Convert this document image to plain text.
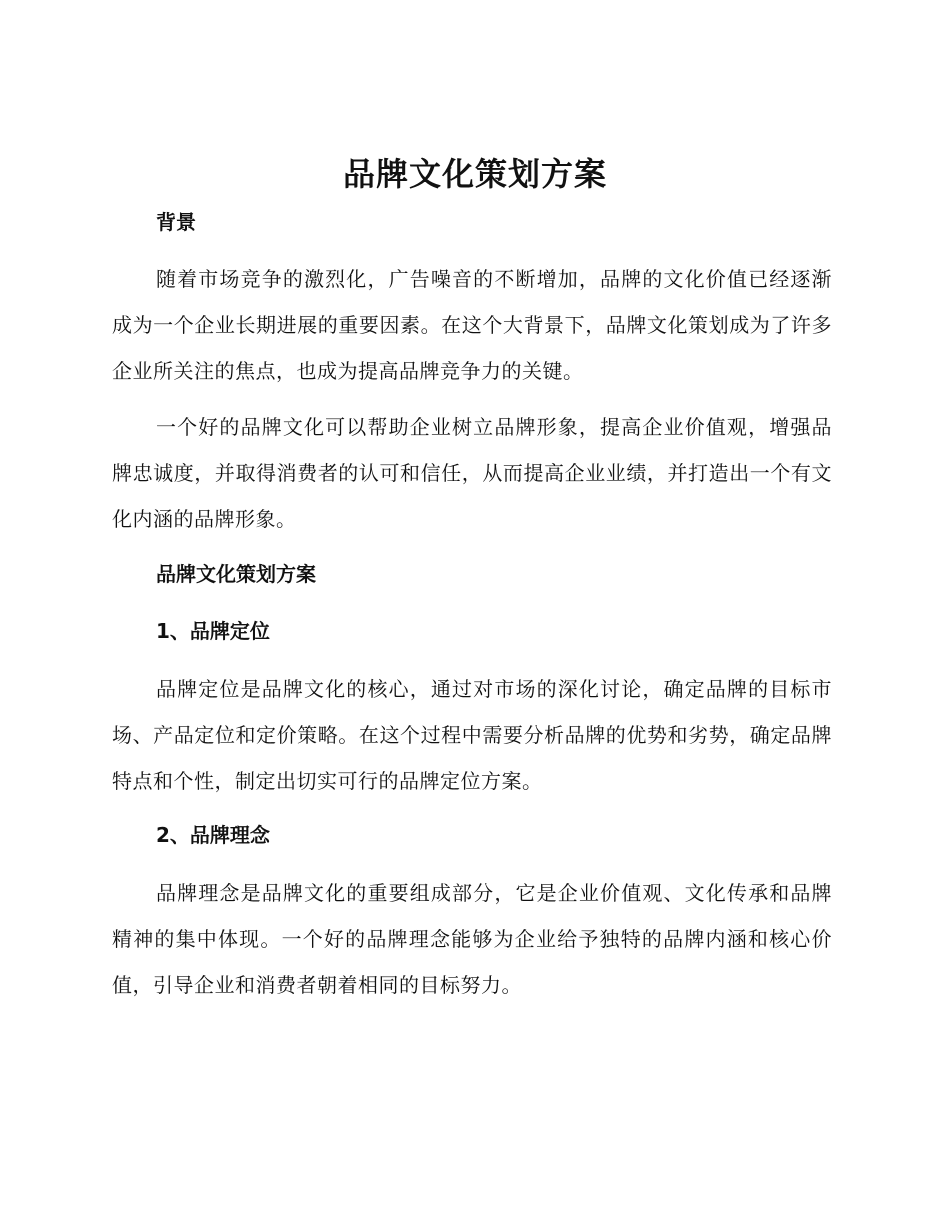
品牌文化策划方案
背景

随着市场竞争的激烈化，广告噪音的不断增加，品牌的文化价值已经逐渐成为一个企业长期进展的重要因素。在这个大背景下，品牌文化策划成为了许多企业所关注的焦点，也成为提高品牌竞争力的关键。

一个好的品牌文化可以帮助企业树立品牌形象，提高企业价值观，增强品牌忠诚度，并取得消费者的认可和信任，从而提高企业业绩，并打造出一个有文化内涵的品牌形象。

品牌文化策划方案
1、品牌定位

品牌定位是品牌文化的核心，通过对市场的深化讨论，确定品牌的目标市场、产品定位和定价策略。在这个过程中需要分析品牌的优势和劣势，确定品牌特点和个性，制定出切实可行的品牌定位方案。

2、品牌理念

品牌理念是品牌文化的重要组成部分，它是企业价值观、文化传承和品牌精神的集中体现。一个好的品牌理念能够为企业给予独特的品牌内涵和核心价值，引导企业和消费者朝着相同的目标努力。
